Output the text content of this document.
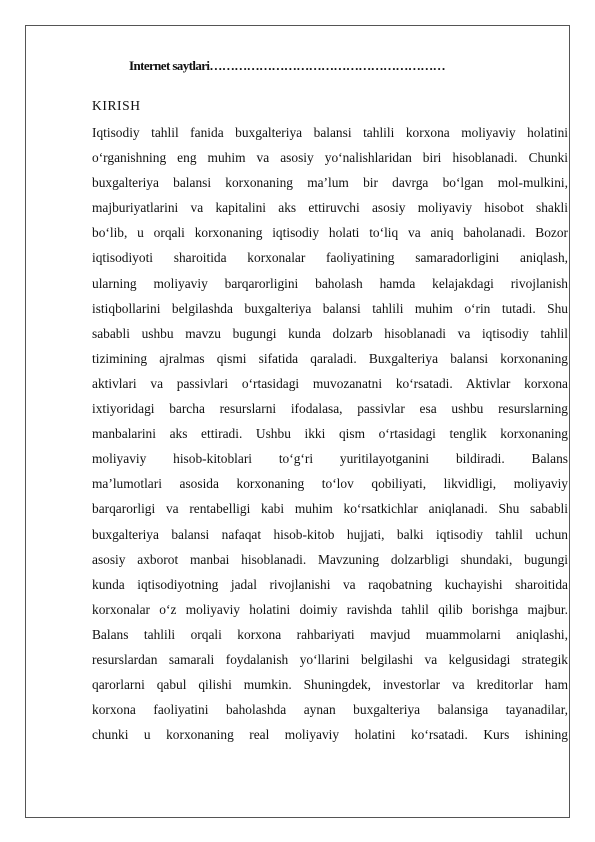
Internet saytlari…………………………………………………
KIRISH
Iqtisodiy tahlil fanida buxgalteriya balansi tahlili korxona moliyaviy holatini
o‘rganishning eng muhim va asosiy yo‘nalishlaridan biri hisoblanadi. Chunki
buxgalteriya balansi korxonaning ma’lum bir davrga bo‘lgan mol-mulkini,
majburiyatlarini va kapitalini aks ettiruvchi asosiy moliyaviy hisobot shakli
bo‘lib, u orqali korxonaning iqtisodiy holati to‘liq va aniq baholanadi. Bozor
iqtisodiyoti sharoitida korxonalar faoliyatining samaradorligini aniqlash,
ularning moliyaviy barqarorligini baholash hamda kelajakdagi rivojlanish
istiqbollarini belgilashda buxgalteriya balansi tahlili muhim o‘rin tutadi. Shu
sababli ushbu mavzu bugungi kunda dolzarb hisoblanadi va iqtisodiy tahlil
tizimining ajralmas qismi sifatida qaraladi. Buxgalteriya balansi korxonaning
aktivlari va passivlari o‘rtasidagi muvozanatni ko‘rsatadi. Aktivlar korxona
ixtiyoridagi barcha resurslarni ifodalasa, passivlar esa ushbu resurslarning
manbalarini aks ettiradi. Ushbu ikki qism o‘rtasidagi tenglik korxonaning
moliyaviy hisob-kitoblari to‘g‘ri yuritilayotganini bildiradi. Balans
ma’lumotlari asosida korxonaning to‘lov qobiliyati, likvidligi, moliyaviy
barqarorligi va rentabelligi kabi muhim ko‘rsatkichlar aniqlanadi. Shu sababli
buxgalteriya balansi nafaqat hisob-kitob hujjati, balki iqtisodiy tahlil uchun
asosiy axborot manbai hisoblanadi. Mavzuning dolzarbligi shundaki, bugungi
kunda iqtisodiyotning jadal rivojlanishi va raqobatning kuchayishi sharoitida
korxonalar o‘z moliyaviy holatini doimiy ravishda tahlil qilib borishga majbur.
Balans tahlili orqali korxona rahbariyati mavjud muammolarni aniqlashi,
resurslardan samarali foydalanish yo‘llarini belgilashi va kelgusidagi strategik
qarorlarni qabul qilishi mumkin. Shuningdek, investorlar va kreditorlar ham
korxona faoliyatini baholashda aynan buxgalteriya balansiga tayanadilar,
chunki u korxonaning real moliyaviy holatini ko‘rsatadi. Kurs ishining
